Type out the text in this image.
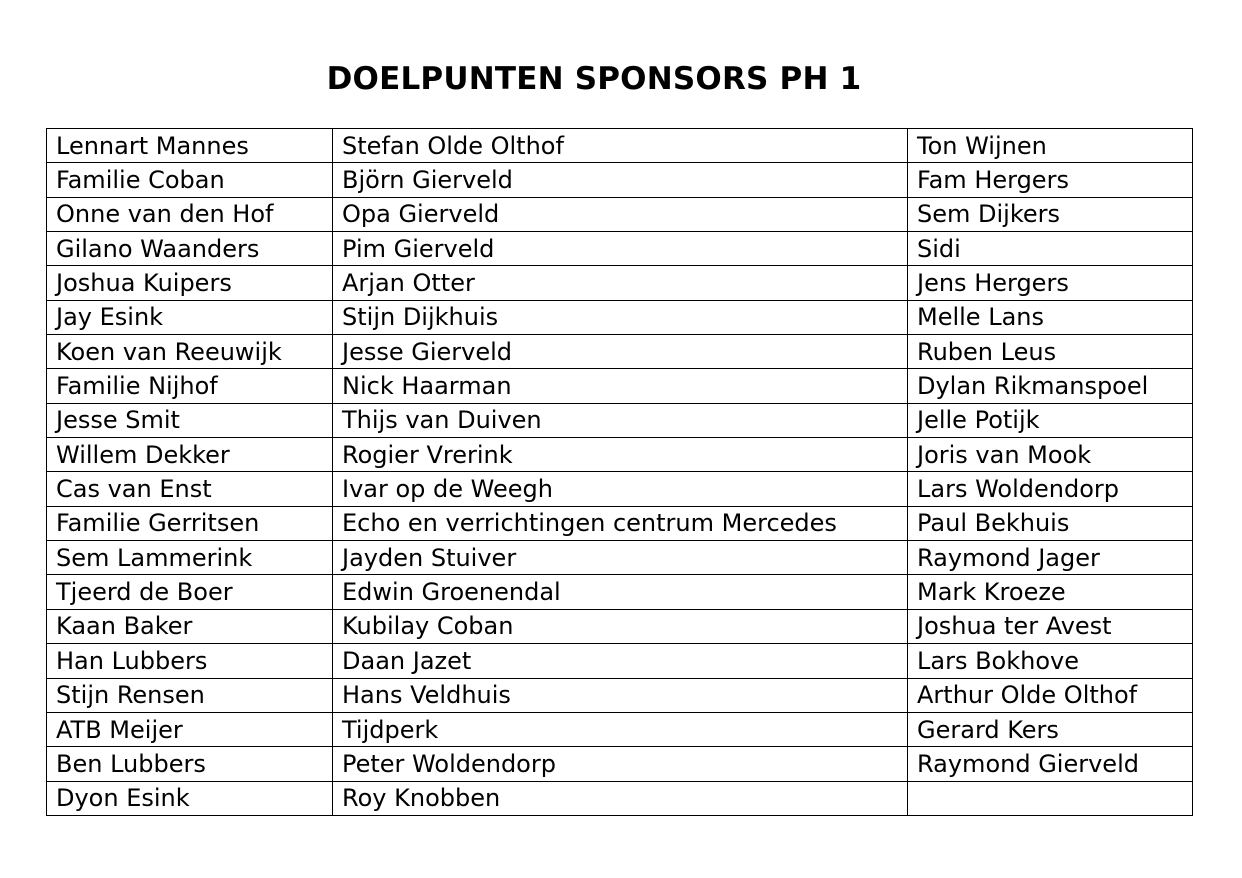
DOELPUNTEN SPONSORS PH 1
Lennart Mannes	Stefan Olde Olthof	Ton Wijnen
Familie Coban	Björn Gierveld	Fam Hergers
Onne van den Hof	Opa Gierveld	Sem Dijkers
Gilano Waanders	Pim Gierveld	Sidi
Joshua Kuipers	Arjan Otter	Jens Hergers
Jay Esink	Stijn Dijkhuis	Melle Lans
Koen van Reeuwijk	Jesse Gierveld	Ruben Leus
Familie Nijhof	Nick Haarman	Dylan Rikmanspoel
Jesse Smit	Thijs van Duiven	Jelle Potijk
Willem Dekker	Rogier Vrerink	Joris van Mook
Cas van Enst	Ivar op de Weegh	Lars Woldendorp
Familie Gerritsen	Echo en verrichtingen centrum Mercedes	Paul Bekhuis
Sem Lammerink	Jayden Stuiver	Raymond Jager
Tjeerd de Boer	Edwin Groenendal	Mark Kroeze
Kaan Baker	Kubilay Coban	Joshua ter Avest
Han Lubbers	Daan Jazet	Lars Bokhove
Stijn Rensen	Hans Veldhuis	Arthur Olde Olthof
ATB Meijer	Tijdperk	Gerard Kers
Ben Lubbers	Peter Woldendorp	Raymond Gierveld
Dyon Esink	Roy Knobben	
